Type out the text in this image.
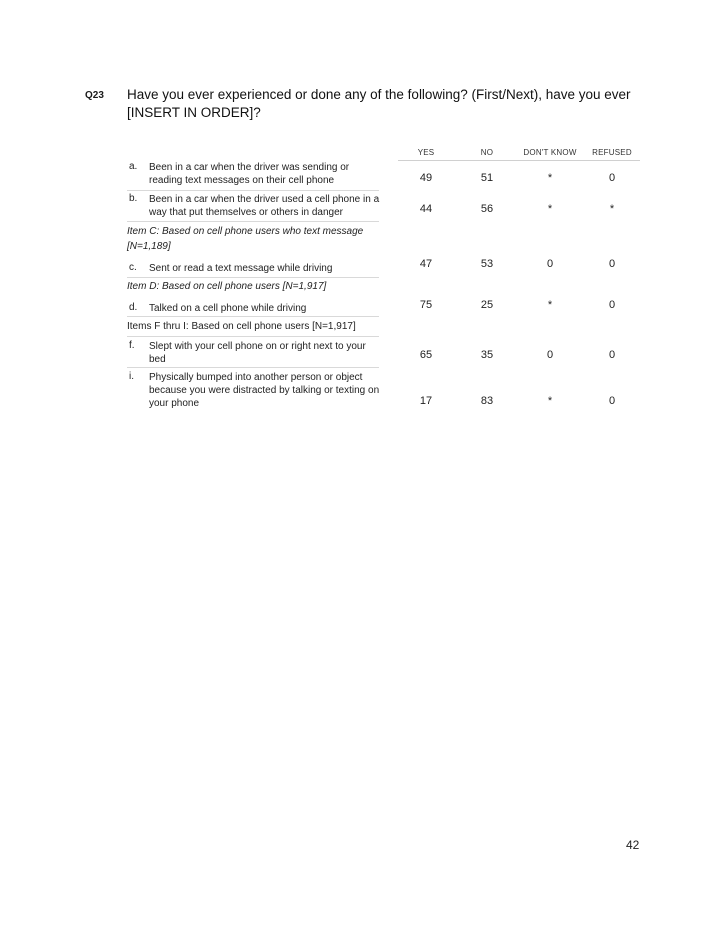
Q23 Have you ever experienced or done any of the following? (First/Next), have you ever [INSERT IN ORDER]?
YES	NO	DON'T KNOW	REFUSED
a. Been in a car when the driver was sending or reading text messages on their cell phone	49	51	*	0
b. Been in a car when the driver used a cell phone in a way that put themselves or others in danger	44	56	*	*
Item C: Based on cell phone users who text message [N=1,189]
c. Sent or read a text message while driving	47	53	0	0
Item D: Based on cell phone users [N=1,917]
d. Talked on a cell phone while driving	75	25	*	0
Items F thru I: Based on cell phone users [N=1,917]
f. Slept with your cell phone on or right next to your bed	65	35	0	0
i. Physically bumped into another person or object because you were distracted by talking or texting on your phone	17	83	*	0
42
